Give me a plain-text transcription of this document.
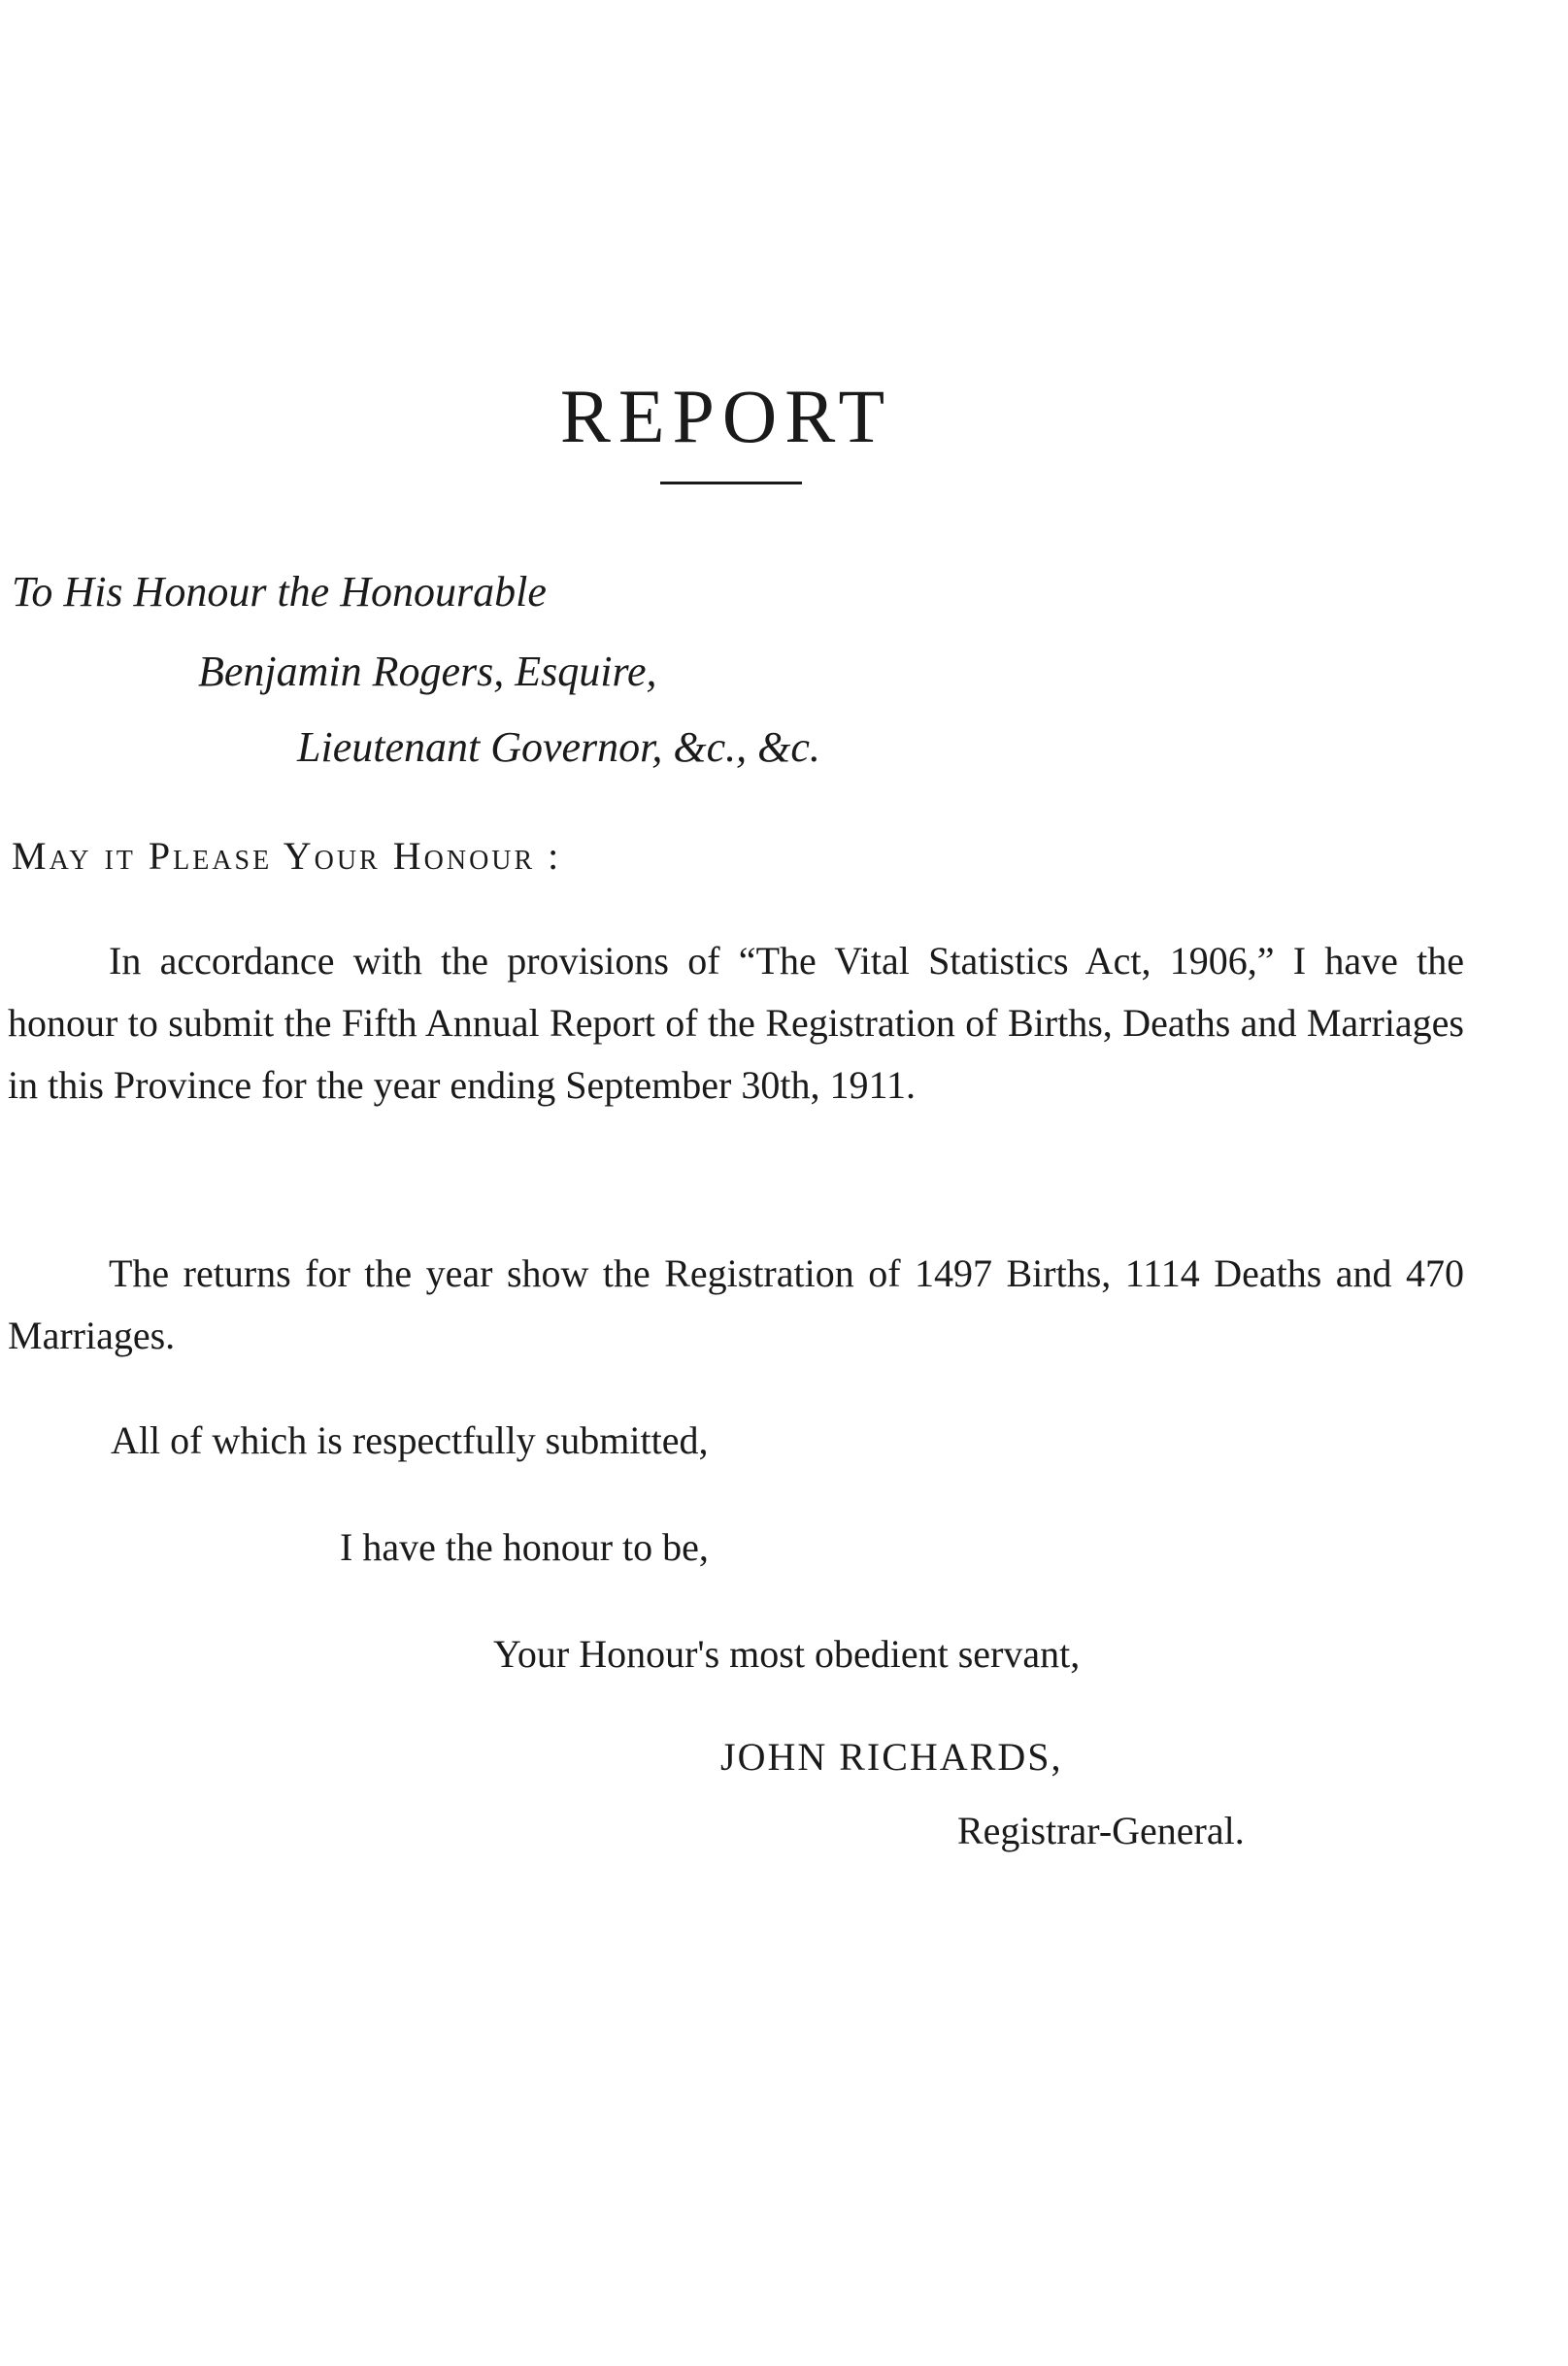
REPORT
To His Honour the Honourable
Benjamin Rogers, Esquire,
Lieutenant Governor, &c., &c.
May it Please Your Honour :

In accordance with the provisions of “The Vital Statistics Act, 1906,” I have the honour to submit the Fifth Annual Report of the Registration of Births, Deaths and Marriages in this Province for the year ending September 30th, 1911.

The returns for the year show the Registration of 1497 Births, 1114 Deaths and 470 Marriages.

All of which is respectfully submitted,
I have the honour to be,
Your Honour's most obedient servant,
JOHN RICHARDS,
Registrar-General.
